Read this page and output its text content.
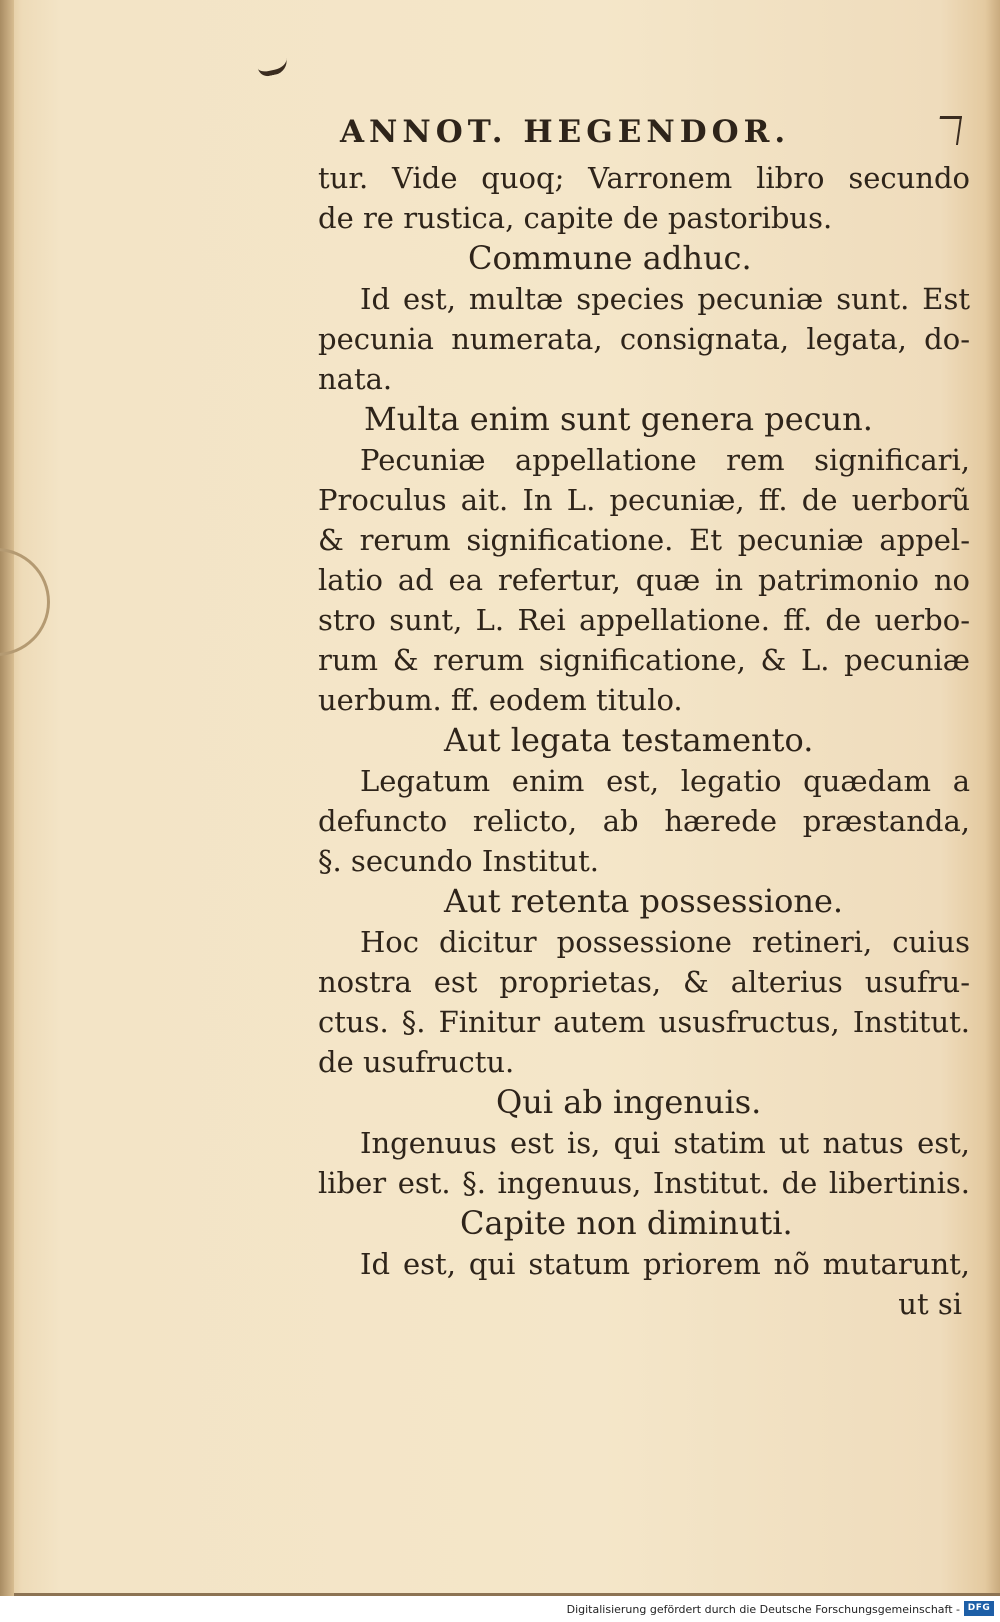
ANNOT. HEGENDOR.
tur. Vide quoq; Varronem libro secundo
de re rustica, capite de pastoribus.
Commune adhuc.
Id est, multæ species pecuniæ sunt. Est
pecunia numerata, consignata, legata, do-
nata.
Multa enim sunt genera pecun.
Pecuniæ appellatione rem significari,
Proculus ait. In L. pecuniæ, ff. de uerborũ
& rerum significatione. Et pecuniæ appel-
latio ad ea refertur, quæ in patrimonio no
stro sunt, L. Rei appellatione. ff. de uerbo-
rum & rerum significatione, & L. pecuniæ
uerbum. ff. eodem titulo.
Aut legata testamento.
Legatum enim est, legatio quædam a
defuncto relicto, ab hærede præstanda,
§. secundo Institut.
Aut retenta possessione.
Hoc dicitur possessione retineri, cuius
nostra est proprietas, & alterius usufru-
ctus. §. Finitur autem ususfructus, Institut.
de usufructu.
Qui ab ingenuis.
Ingenuus est is, qui statim ut natus est,
liber est. §. ingenuus, Institut. de libertinis.
Capite non diminuti.
Id est, qui statum priorem nõ mutarunt,
ut si
Digitalisierung gefördert durch die Deutsche Forschungsgemeinschaft - DFG
